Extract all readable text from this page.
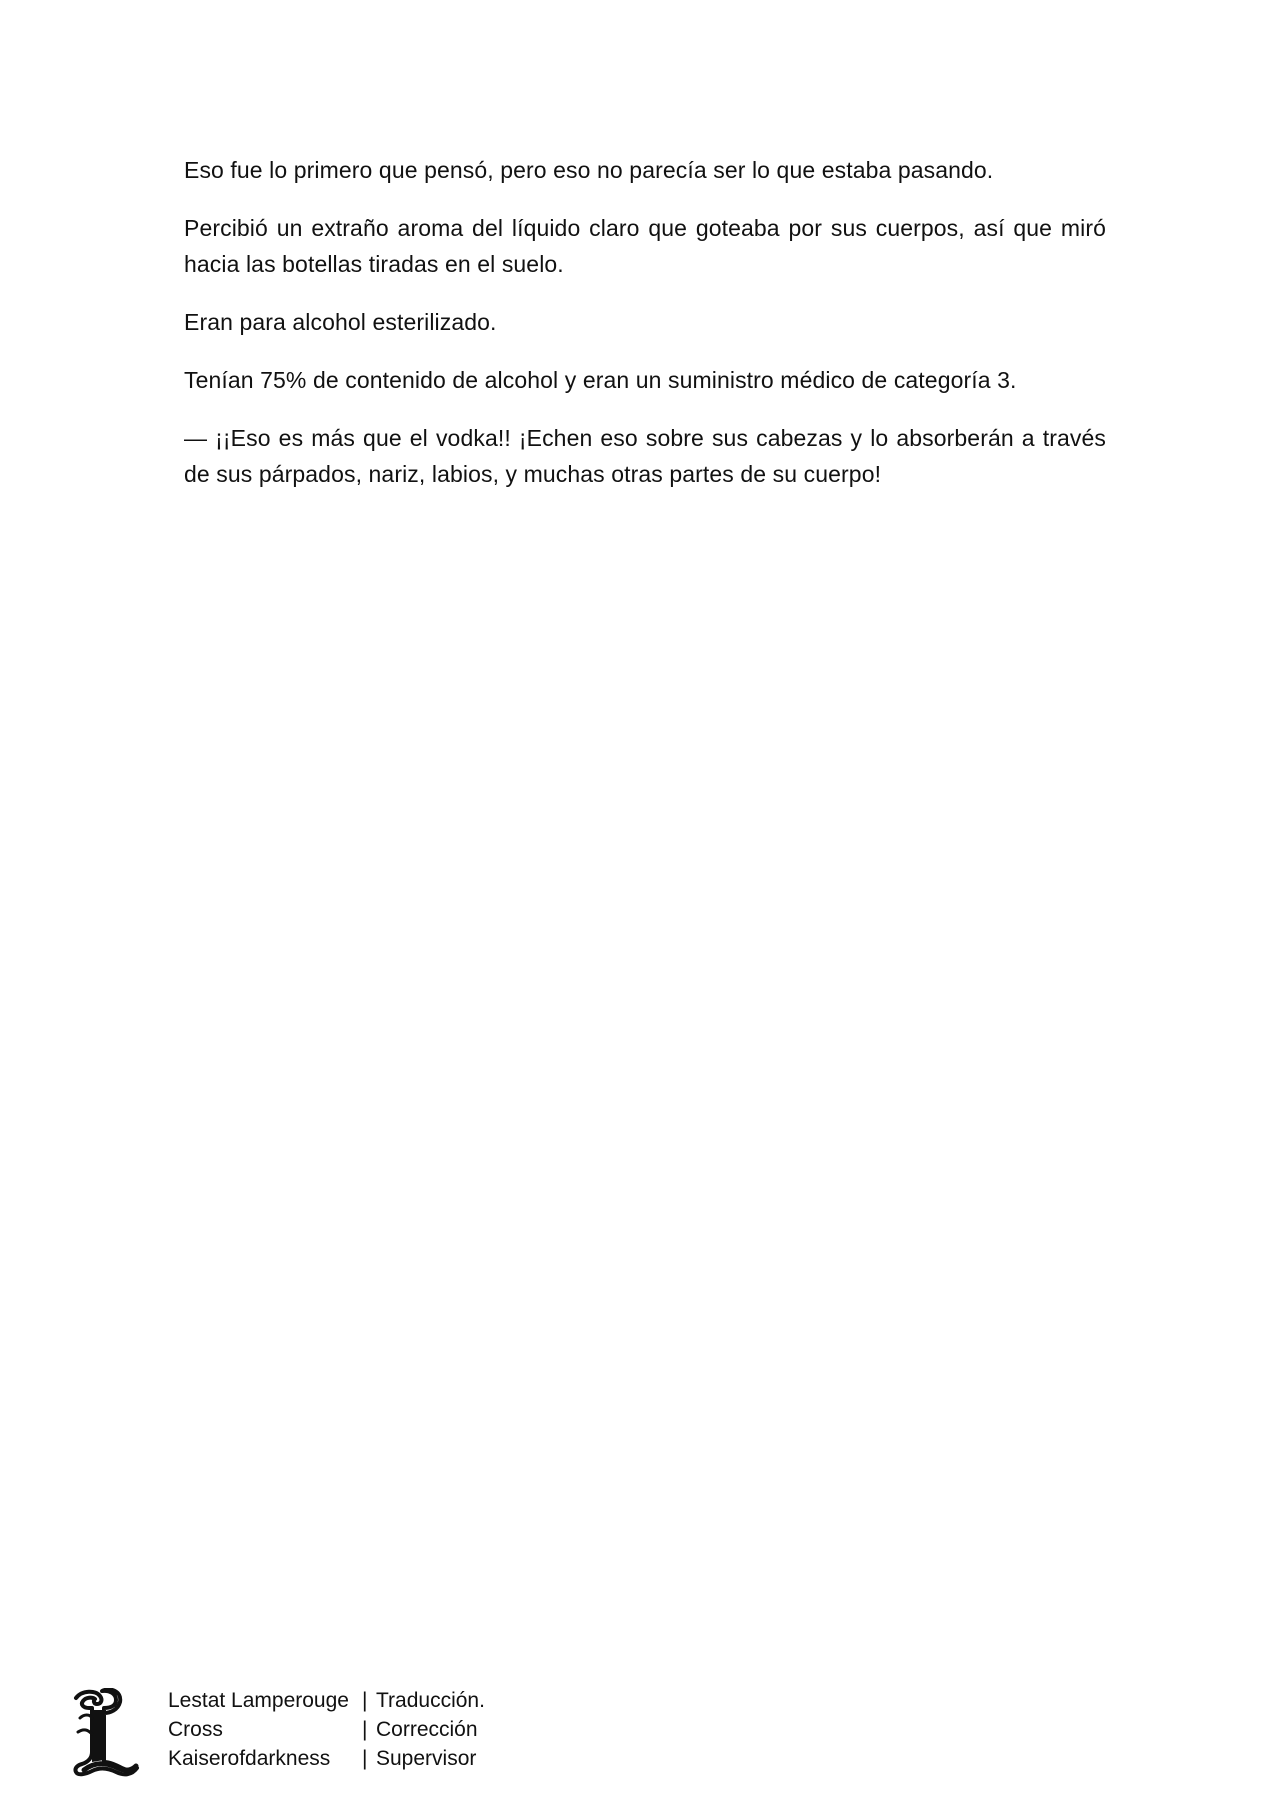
Eso fue lo primero que pensó, pero eso no parecía ser lo que estaba pasando.

Percibió un extraño aroma del líquido claro que goteaba por sus cuerpos, así que miró hacia las botellas tiradas en el suelo.

Eran para alcohol esterilizado.

Tenían 75% de contenido de alcohol y eran un suministro médico de categoría 3.

— ¡¡Eso es más que el vodka!! ¡Echen eso sobre sus cabezas y lo absorberán a través de sus párpados, nariz, labios, y muchas otras partes de su cuerpo!

Lestat Lamperouge | Traducción.
Cross	| Corrección
Kaiserofdarkness	| Supervisor
